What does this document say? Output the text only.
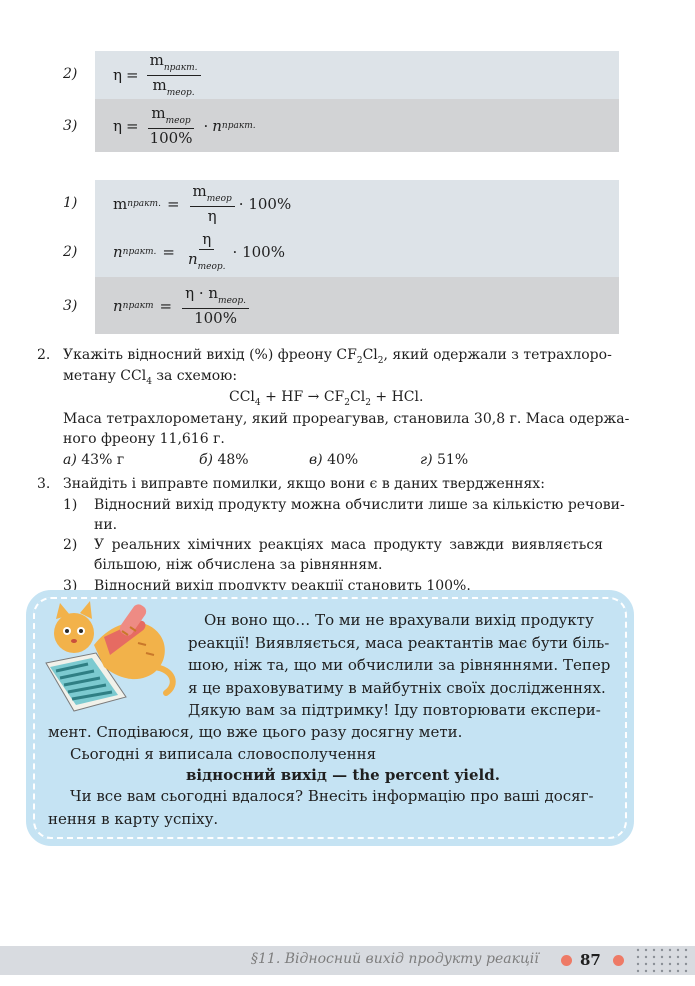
2) $\eta = \frac{m_{практ.}}{m_{теор.}}$
3) $\eta = \frac{m_{теор}}{100\%} \cdot n$ практ.
1) m практ. = $\frac{m_{теор}}{\eta} \cdot 100\%$
2) n практ. = $\frac{\eta}{n_{теор.}} \cdot 100\%$
3) n практ = $\frac{\eta \cdot n_{теор.}}{100\%}$
2. Укажіть відносний вихід (%) фреону $CF_2Cl_2$, який одержали з тетрахлоро-
метану CCl$_4$ за схемою:
CCl$_4$ + HF → $CF_2Cl_2$ + HCl.
Маса тетрахлорометану, який прореагував, становила 30,8 г. Маса одержа-
ного фреону 11,616 г.
а) 43% г	б) 48%	в) 40%	г) 51%
3. Знайдіть і виправте помилки, якщо вони є в даних твердженнях:
1) Відносний вихід продукту можна обчислити лише за кількістю речови-
ни.
2) У реальних хімічних реакціях маса продукту завжди виявляється
більшою, ніж обчислена за рівнянням.
3) Відносний вихід продукту реакції становить 100%.
Он воно що… То ми не врахували вихід продукту
реакції! Виявляється, маса реактантів має бути біль-
шою, ніж та, що ми обчислили за рівняннями. Тепер
я це враховуватиму в майбутніх своїх дослідженнях.
Дякую вам за підтримку! Іду повторювати експери-
мент. Сподіваюся, що вже цього разу досягну мети.
Сьогодні я виписала словосполучення
відносний вихід — the percent yield.
Чи все вам сьогодні вдалося? Внесіть інформацію про ваші досяг-
нення в карту успіху.
§11. Відносний вихід продукту реакції	87
